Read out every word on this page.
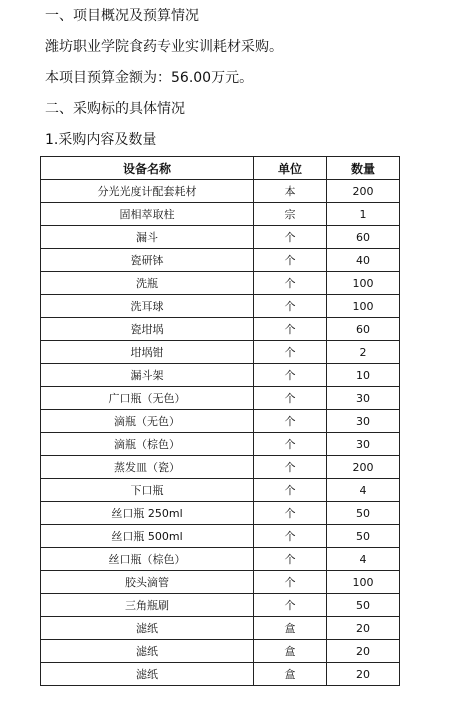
一、项目概况及预算情况
潍坊职业学院食药专业实训耗材采购。
本项目预算金额为：56.00万元。
二、采购标的具体情况
1.采购内容及数量
设备名称	单位	数量
分光光度计配套耗材	本	200
固相萃取柱	宗	1
漏斗	个	60
瓷研钵	个	40
洗瓶	个	100
洗耳球	个	100
瓷坩埚	个	60
坩埚钳	个	2
漏斗架	个	10
广口瓶（无色）	个	30
滴瓶（无色）	个	30
滴瓶（棕色）	个	30
蒸发皿（瓷）	个	200
下口瓶	个	4
丝口瓶 250ml	个	50
丝口瓶 500ml	个	50
丝口瓶（棕色）	个	4
胶头滴管	个	100
三角瓶刷	个	50
滤纸	盒	20
滤纸	盒	20
滤纸	盒	20
